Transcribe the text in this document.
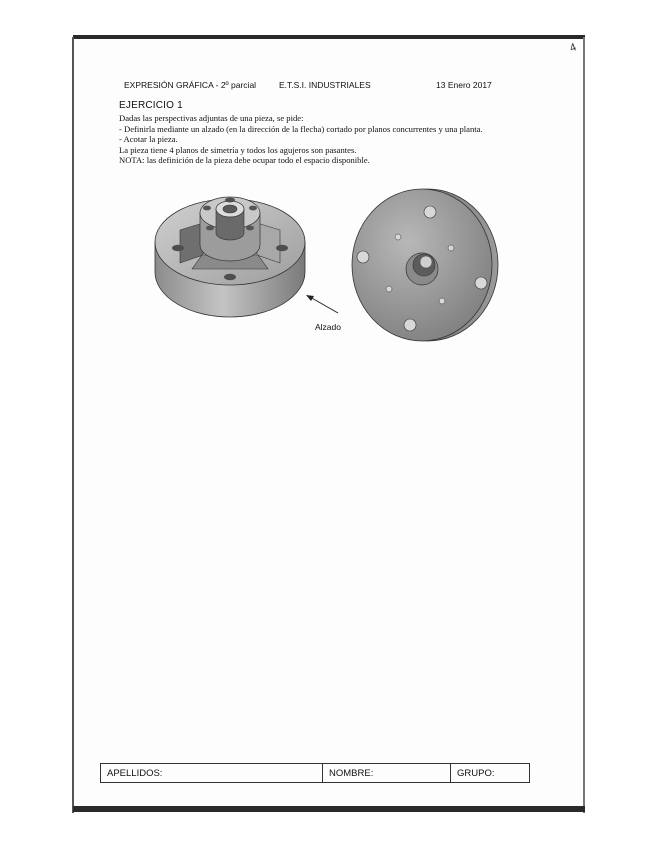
4
EXPRESIÓN GRÁFICA - 2º parcial	E.T.S.I. INDUSTRIALES	13 Enero 2017
EJERCICIO 1
Dadas las perspectivas adjuntas de una pieza, se pide:
- Definirla mediante un alzado (en la dirección de la flecha) cortado por planos concurrentes y una planta.
- Acotar la pieza.
La pieza tiene 4 planos de simetría y todos los agujeros son pasantes.
NOTA: las definición de la pieza debe ocupar todo el espacio disponible.
Alzado
APELLIDOS:	NOMBRE:	GRUPO:
